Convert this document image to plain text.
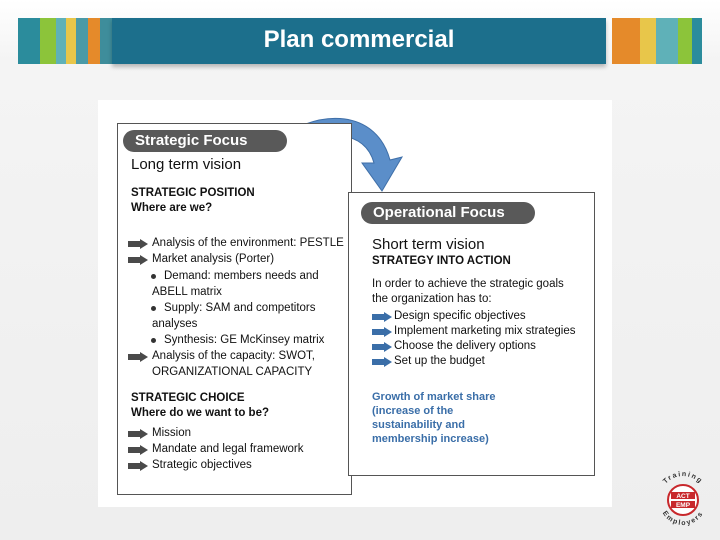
Plan commercial
Strategic Focus
Long term vision
STRATEGIC POSITION
Where are we?
Analysis of the environment: PESTLE
Market analysis (Porter)
Demand: members needs and
ABELL matrix
Supply: SAM and competitors
analyses
Synthesis: GE McKinsey matrix
Analysis of the capacity: SWOT,
ORGANIZATIONAL CAPACITY
STRATEGIC CHOICE
Where do we want to be?
Mission
Mandate and legal framework
Strategic objectives
Operational Focus
Short term vision
STRATEGY INTO ACTION
In order to achieve the strategic goals
the organization has to:
Design specific objectives
Implement marketing mix strategies
Choose the delivery options
Set up the budget
Growth of market share
(increase of the
sustainability and
membership increase)
Training
Employers
ACT
EMP
